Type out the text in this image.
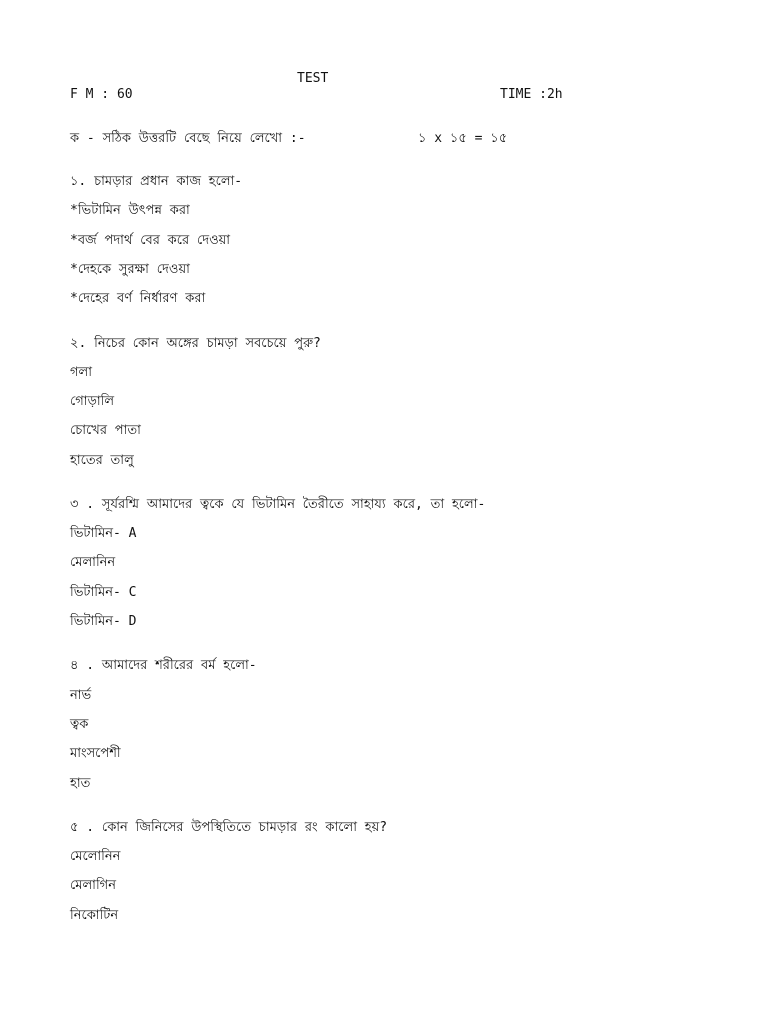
TEST
F M : 60	TIME :2h
ক - সঠিক উত্তরটি বেছে নিয়ে লেখো :-	১ x ১৫ = ১৫
১. চামড়ার প্রধান কাজ হলো-
*ভিটামিন উৎপন্ন করা
*বর্জ পদার্থ বের করে দেওয়া
*দেহকে সুরক্ষা দেওয়া
*দেহের বর্ণ নির্ধারণ করা
২. নিচের কোন অঙ্গের চামড়া সবচেয়ে পুরু?
গলা
গোড়ালি
চোখের পাতা
হাতের তালু
৩ . সূর্যরশ্মি আমাদের ত্বকে যে ভিটামিন তৈরীতে সাহায্য করে, তা হলো-
ভিটামিন- A
মেলানিন
ভিটামিন- C
ভিটামিন- D
৪ . আমাদের শরীরের বর্ম হলো-
নার্ভ
ত্বক
মাংসপেশী
হাত
৫ . কোন জিনিসের উপস্থিতিতে চামড়ার রং কালো হয়?
মেলোনিন
মেলাগিন
নিকোটিন
